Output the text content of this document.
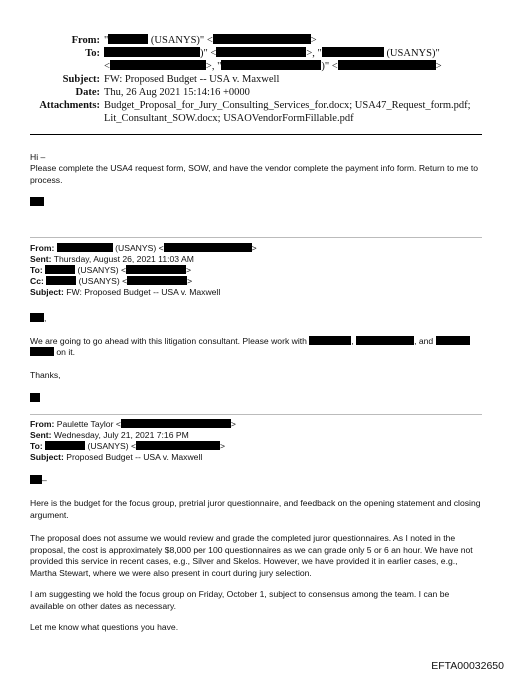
From: "	(USANYS)" <	>
To:	)" <	>, "	(USANYS)"
<	>, "	)" <	>
Subject: FW: Proposed Budget -- USA v. Maxwell
Date: Thu, 26 Aug 2021 15:14:16 +0000
Attachments: Budget_Proposal_for_Jury_Consulting_Services_for.docx; USA47_Request_form.pdf;
Lit_Consultant_SOW.docx; USAOVendorFormFillable.pdf
Hi –
Please complete the USA4 request form, SOW, and have the vendor complete the payment info form. Return to me to process.
From:	(USANYS) <	>
Sent: Thursday, August 26, 2021 11:03 AM
To:	(USANYS) <	>
Cc:	(USANYS) <	>
Subject: FW: Proposed Budget -- USA v. Maxwell
,
We are going to go ahead with this litigation consultant. Please work with	,	, and
on it.
Thanks,
From: Paulette Taylor <	>
Sent: Wednesday, July 21, 2021 7:16 PM
To:	(USANYS) <	>
Subject: Proposed Budget -- USA v. Maxwell
–
Here is the budget for the focus group, pretrial juror questionnaire, and feedback on the opening statement and closing argument.
The proposal does not assume we would review and grade the completed juror questionnaires. As I noted in the proposal, the cost is approximately $8,000 per 100 questionnaires as we can grade only 5 or 6 an hour. We have not provided this service in recent cases, e.g., Silver and Skelos. However, we have provided it in earlier cases, e.g., Martha Stewart, where we were also present in court during jury selection.
I am suggesting we hold the focus group on Friday, October 1, subject to consensus among the team. I can be available on other dates as necessary.
Let me know what questions you have.
EFTA00032650
